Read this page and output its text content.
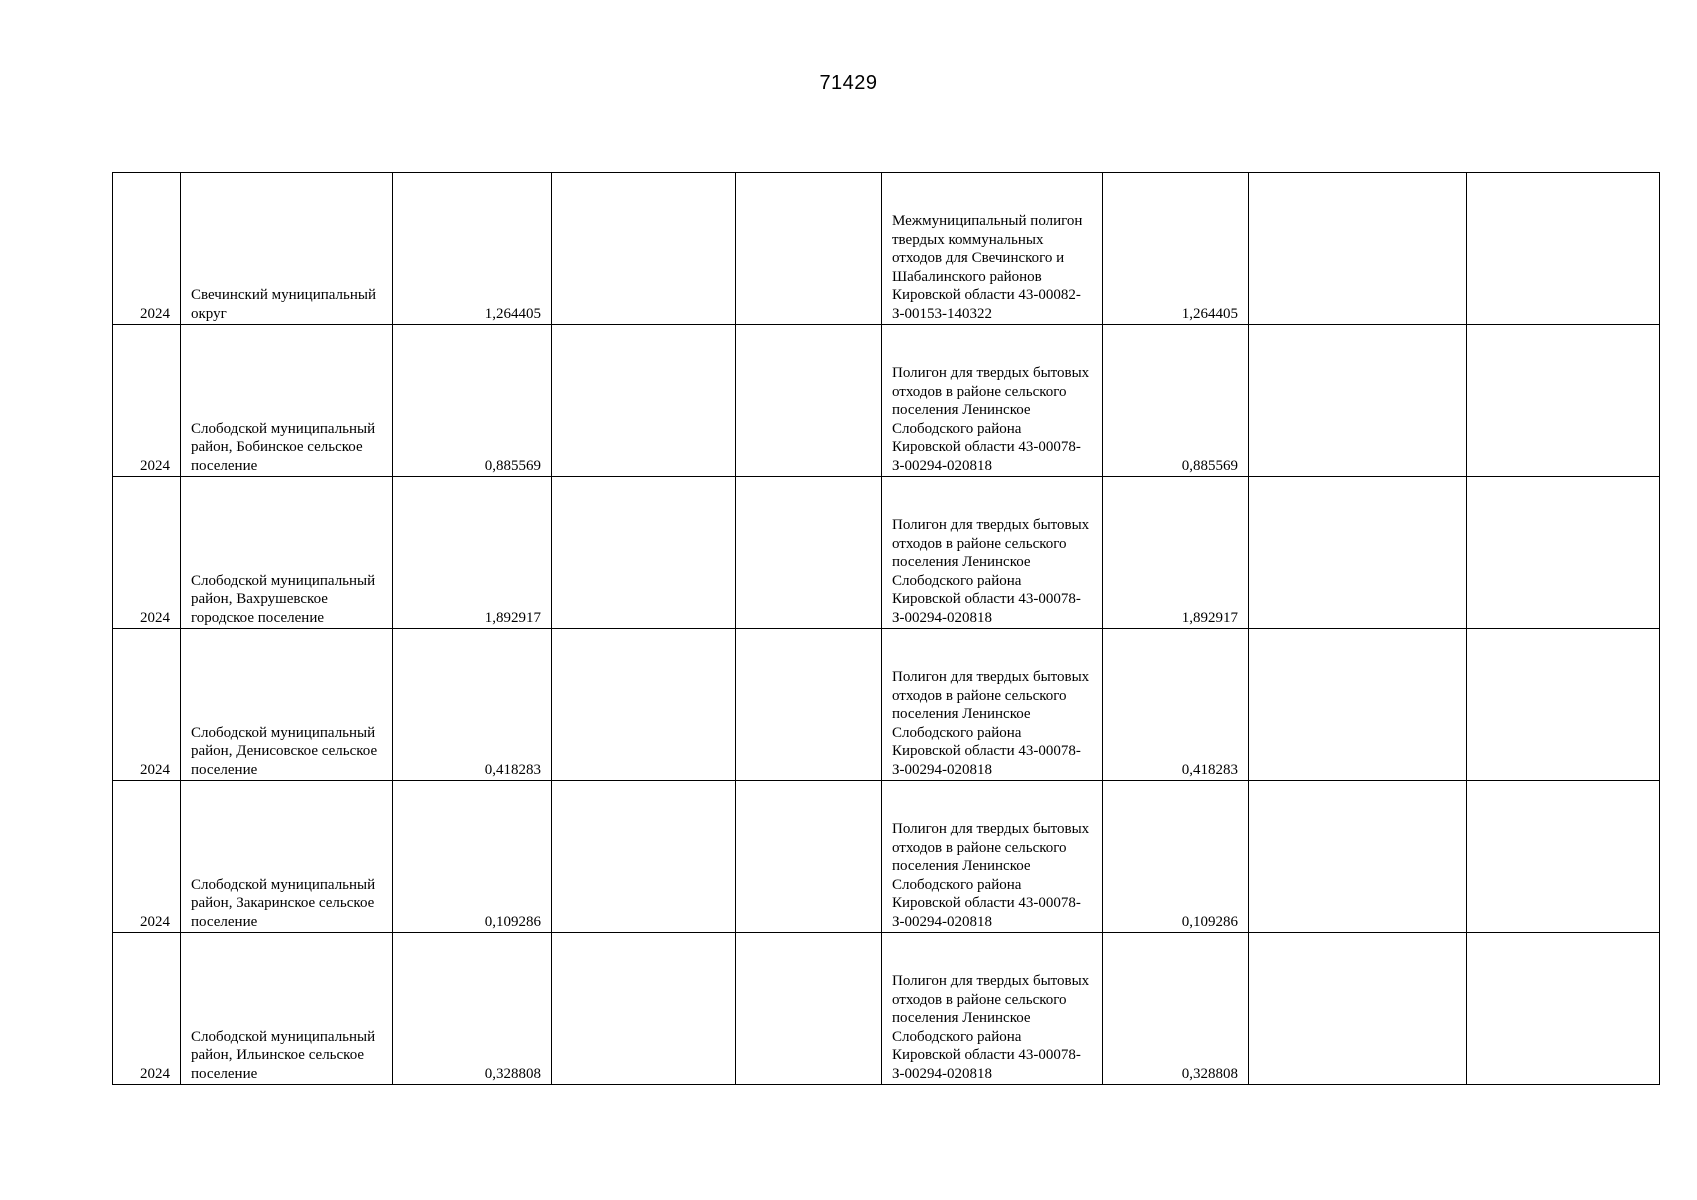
71429
2024	Свечинский муниципальный округ	1,264405			Межмуниципальный полигон твердых коммунальных отходов для Свечинского и Шабалинского районов Кировской области 43-00082-З-00153-140322	1,264405		
2024	Слободской муниципальный район, Бобинское сельское поселение	0,885569			Полигон для твердых бытовых отходов в районе сельского поселения Ленинское Слободского района Кировской области 43-00078-З-00294-020818	0,885569		
2024	Слободской муниципальный район, Вахрушевское городское поселение	1,892917			Полигон для твердых бытовых отходов в районе сельского поселения Ленинское Слободского района Кировской области 43-00078-З-00294-020818	1,892917		
2024	Слободской муниципальный район, Денисовское сельское поселение	0,418283			Полигон для твердых бытовых отходов в районе сельского поселения Ленинское Слободского района Кировской области 43-00078-З-00294-020818	0,418283		
2024	Слободской муниципальный район, Закаринское сельское поселение	0,109286			Полигон для твердых бытовых отходов в районе сельского поселения Ленинское Слободского района Кировской области 43-00078-З-00294-020818	0,109286		
2024	Слободской муниципальный район, Ильинское сельское поселение	0,328808			Полигон для твердых бытовых отходов в районе сельского поселения Ленинское Слободского района Кировской области 43-00078-З-00294-020818	0,328808		
